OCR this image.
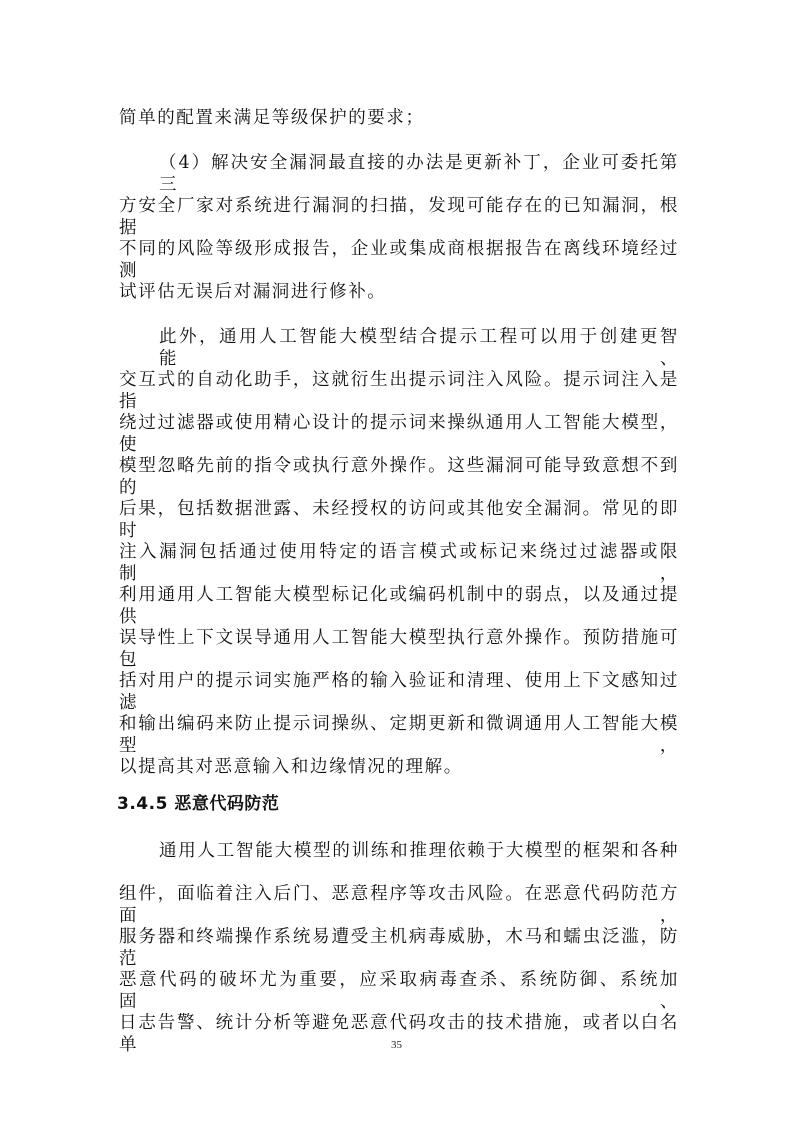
简单的配置来满足等级保护的要求；
（4）解决安全漏洞最直接的办法是更新补丁，企业可委托第三
方安全厂家对系统进行漏洞的扫描，发现可能存在的已知漏洞，根据
不同的风险等级形成报告，企业或集成商根据报告在离线环境经过测
试评估无误后对漏洞进行修补。
此外，通用人工智能大模型结合提示工程可以用于创建更智能、
交互式的自动化助手，这就衍生出提示词注入风险。提示词注入是指
绕过过滤器或使用精心设计的提示词来操纵通用人工智能大模型，使
模型忽略先前的指令或执行意外操作。这些漏洞可能导致意想不到的
后果，包括数据泄露、未经授权的访问或其他安全漏洞。常见的即时
注入漏洞包括通过使用特定的语言模式或标记来绕过过滤器或限制，
利用通用人工智能大模型标记化或编码机制中的弱点，以及通过提供
误导性上下文误导通用人工智能大模型执行意外操作。预防措施可包
括对用户的提示词实施严格的输入验证和清理、使用上下文感知过滤
和输出编码来防止提示词操纵、定期更新和微调通用人工智能大模型，
以提高其对恶意输入和边缘情况的理解。
3.4.5 恶意代码防范
通用人工智能大模型的训练和推理依赖于大模型的框架和各种
组件，面临着注入后门、恶意程序等攻击风险。在恶意代码防范方面，
服务器和终端操作系统易遭受主机病毒威胁，木马和蠕虫泛滥，防范
恶意代码的破坏尤为重要，应采取病毒查杀、系统防御、系统加固、
日志告警、统计分析等避免恶意代码攻击的技术措施，或者以白名单	35
